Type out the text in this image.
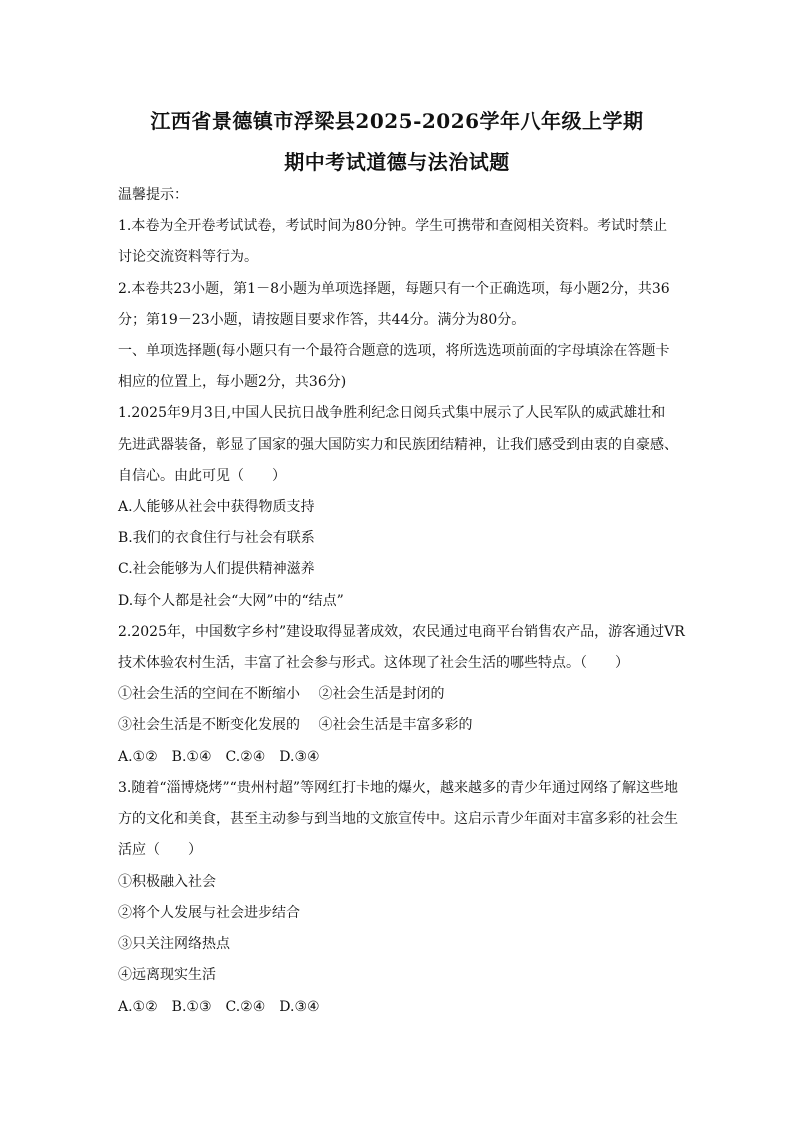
江西省景德镇市浮梁县2025-2026学年八年级上学期
期中考试道德与法治试题
温馨提示：
1.本卷为全开卷考试试卷，考试时间为80分钟。学生可携带和查阅相关资料。考试时禁止
讨论交流资料等行为。
2.本卷共23小题，第1－8小题为单项选择题，每题只有一个正确选项，每小题2分，共36
分；第19－23小题，请按题目要求作答，共44分。满分为80分。
一、单项选择题(每小题只有一个最符合题意的选项，将所选选项前面的字母填涂在答题卡
相应的位置上，每小题2分，共36分)
1.2025年9月3日,中国人民抗日战争胜利纪念日阅兵式集中展示了人民军队的威武雄壮和
先进武器装备，彰显了国家的强大国防实力和民族团结精神，让我们感受到由衷的自豪感、
自信心。由此可见（　　）
A.人能够从社会中获得物质支持
B.我们的衣食住行与社会有联系
C.社会能够为人们提供精神滋养
D.每个人都是社会“大网”中的“结点”
2.2025年，中国数字乡村”建设取得显著成效，农民通过电商平台销售农产品，游客通过VR
技术体验农村生活，丰富了社会参与形式。这体现了社会生活的哪些特点。（　　）
①社会生活的空间在不断缩小　 ②社会生活是封闭的
③社会生活是不断变化发展的　 ④社会生活是丰富多彩的
A.①②　B.①④　C.②④　D.③④
3.随着“淄博烧烤”“贵州村超”等网红打卡地的爆火，越来越多的青少年通过网络了解这些地
方的文化和美食，甚至主动参与到当地的文旅宣传中。这启示青少年面对丰富多彩的社会生
活应（　　）
①积极融入社会
②将个人发展与社会进步结合
③只关注网络热点
④远离现实生活
A.①②　B.①③　C.②④　D.③④
